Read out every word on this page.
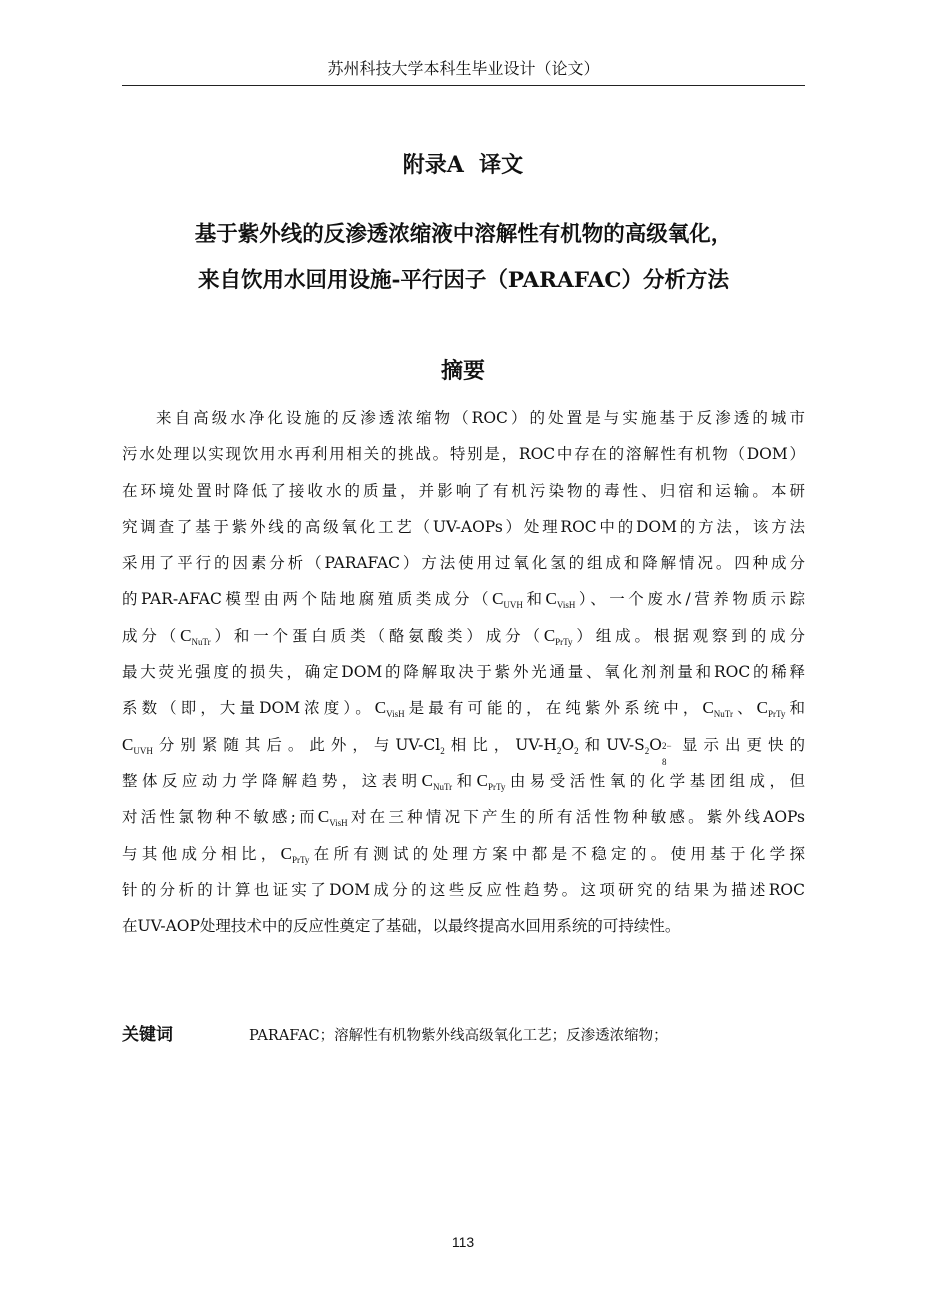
苏州科技大学本科生毕业设计（论文）
附录A  译文
基于紫外线的反渗透浓缩液中溶解性有机物的高级氧化，
来自饮用水回用设施-平行因子（PARAFAC）分析方法
摘要
来自高级水净化设施的反渗透浓缩物（ROC）的处置是与实施基于反渗透的城市
污水处理以实现饮用水再利用相关的挑战。特别是，ROC中存在的溶解性有机物（DOM）
在环境处置时降低了接收水的质量，并影响了有机污染物的毒性、归宿和运输。本研
究调查了基于紫外线的高级氧化工艺（UV-AOPs）处理ROC中的DOM的方法，该方法
采用了平行的因素分析（PARAFAC）方法使用过氧化氢的组成和降解情况。四种成分
的PAR-AFAC模型由两个陆地腐殖质类成分（$C_{UVH}$和$C_{VisH}$）、一个废水/营养物质示踪
成分$(C_{NuTr})$和一个蛋白质类（酪氨酸类）成分$(C_{PrTy})$组成。根据观察到的成分
最大荧光强度的损失，确定DOM的降解取决于紫外光通量、氧化剂剂量和ROC的稀释
系数（即，大量DOM浓度）。$C_{VisH}$是最有可能的，在纯紫外系统中，$C_{NuTr}$、$C_{PrTy}$和
$C_{UVH}$分别紧随其后。此外，与$UV-Cl_2$相比，$UV-H_2O_2$和$UV-S_2O$ 2−
8
显示出更快的
整体反应动力学降解趋势，这表明$C_{NuTr}$和$C_{PrTy}$由易受活性氧的化学基团组成，但
对活性氯物种不敏感;而$C_{VisH}$对在三种情况下产生的所有活性物种敏感。紫外线AOPs
与其他成分相比，$C_{PrTy}$在所有测试的处理方案中都是不稳定的。使用基于化学探
针的分析的计算也证实了DOM成分的这些反应性趋势。这项研究的结果为描述ROC
在UV-AOP处理技术中的反应性奠定了基础，以最终提高水回用系统的可持续性。
关键词	PARAFAC；溶解性有机物紫外线高级氧化工艺；反渗透浓缩物；
113
